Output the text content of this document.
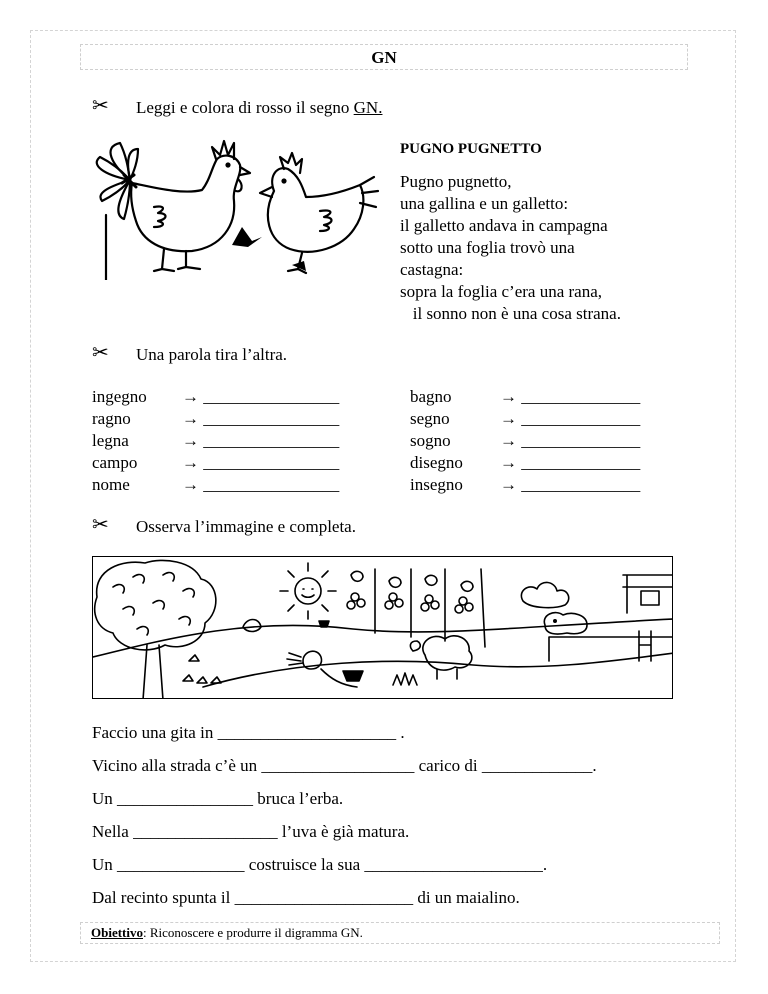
GN
✂ Leggi e colora di rosso il segno GN.
PUGNO PUGNETTO
Pugno pugnetto,
una gallina e un galletto:
il galletto andava in campagna
sotto una foglia trovò una
castagna:
sopra la foglia c’era una rana,
il sonno non è una cosa strana.
✂ Una parola tira l’altra.
ingegno → ________________
ragno	→ ________________
legna	→ ________________
campo	→ ________________
nome	→ ________________
bagno	→ ______________
segno	→ ______________
sogno	→ ______________
disegno → ______________
insegno → ______________
✂ Osserva l’immagine e completa.
Faccio una gita in _____________________ .
Vicino alla strada c’è un __________________ carico di _____________.
Un ________________ bruca l’erba.
Nella _________________ l’uva è già matura.
Un _______________ costruisce la sua _____________________.
Dal recinto spunta il _____________________ di un maialino.
Obiettivo: Riconoscere e produrre il digramma GN.
